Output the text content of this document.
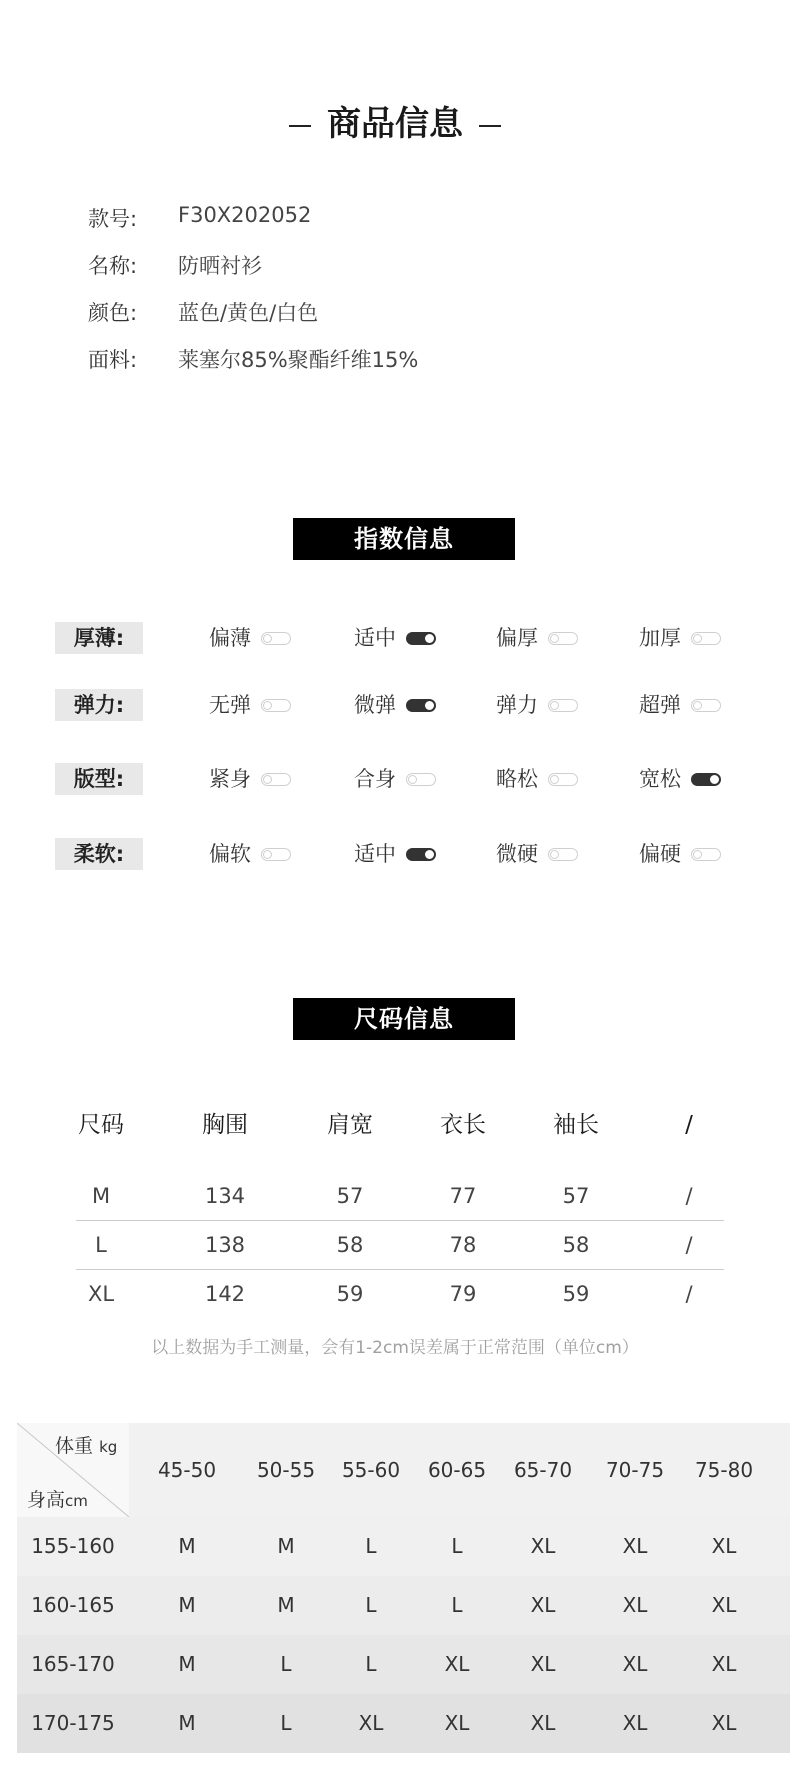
商品信息
款号:	F30X202052
名称:	防晒衬衫
颜色:	蓝色/黄色/白色
面料:	莱塞尔85%聚酯纤维15%
指数信息
厚薄:	偏薄	适中	偏厚	加厚
弹力:	无弹	微弹	弹力	超弹
版型:	紧身	合身	略松	宽松
柔软:	偏软	适中	微硬	偏硬
尺码信息
尺码	胸围	肩宽	衣长	袖长	/
M	134	57	77	57	/
L	138	58	78	58	/
XL	142	59	79	59	/
以上数据为手工测量，会有1-2cm误差属于正常范围（单位cm）
体重 kg
身高cm
45-50	50-55	55-60	60-65	65-70	70-75	75-80
155-160	M	M	L	L	XL	XL	XL
160-165	M	M	L	L	XL	XL	XL
165-170	M	L	L	XL	XL	XL	XL
170-175	M	L	XL	XL	XL	XL	XL
